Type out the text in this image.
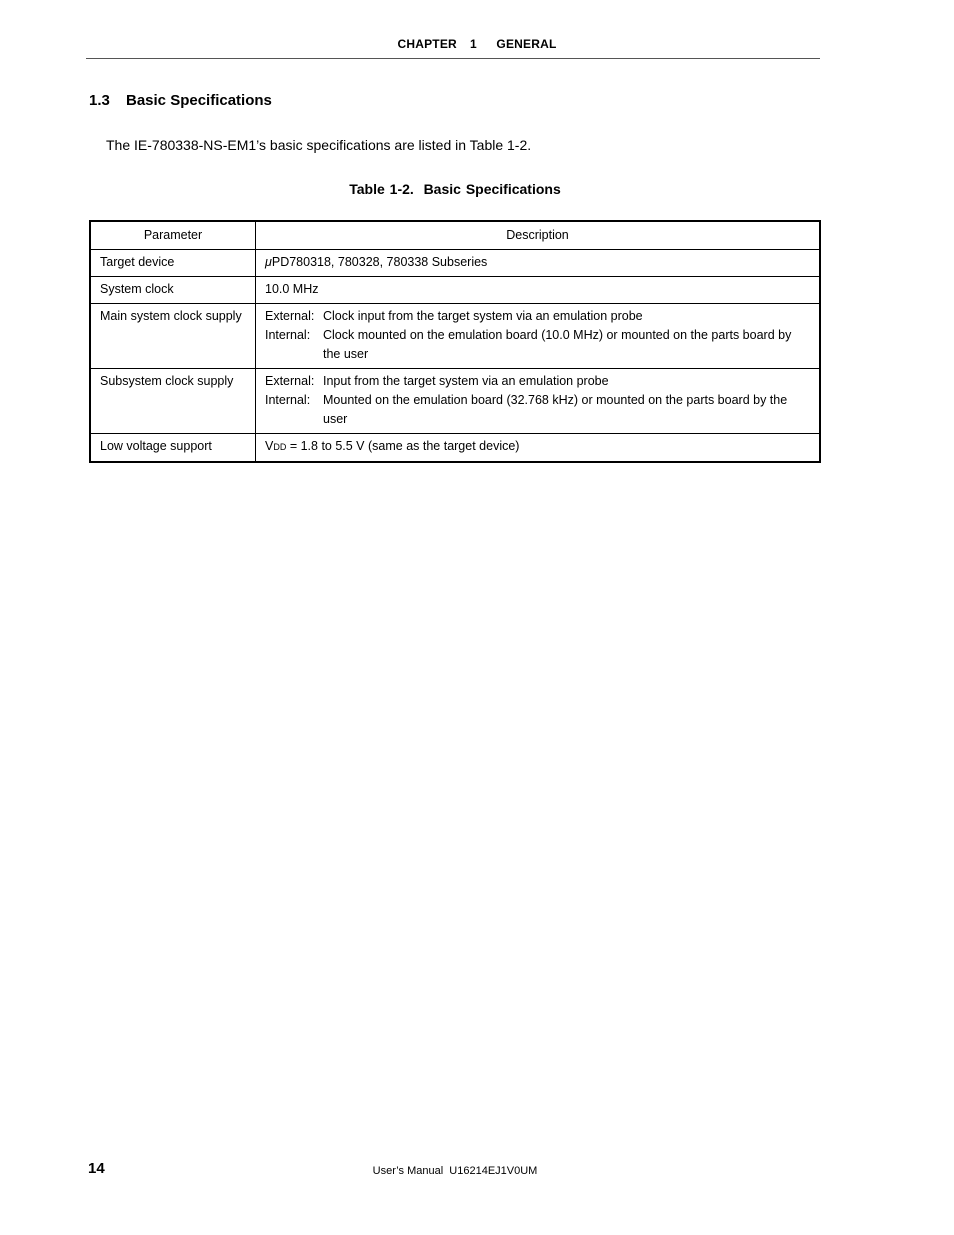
CHAPTER  1   GENERAL
1.3 Basic Specifications
The IE-780338-NS-EM1’s basic specifications are listed in Table 1-2.
Table 1-2.  Basic Specifications
Parameter	Description
Target device	μPD780318, 780328, 780338 Subseries
System clock	10.0 MHz
Main system clock supply	External: Clock input from the target system via an emulation probe
Internal: Clock mounted on the emulation board (10.0 MHz) or mounted on the parts board by the user

Subsystem clock supply	External: Input from the target system via an emulation probe
Internal: Mounted on the emulation board (32.768 kHz) or mounted on the parts board by the user

Low voltage support	VDD = 1.8 to 5.5 V (same as the target device)
14	User’s Manual  U16214EJ1V0UM
